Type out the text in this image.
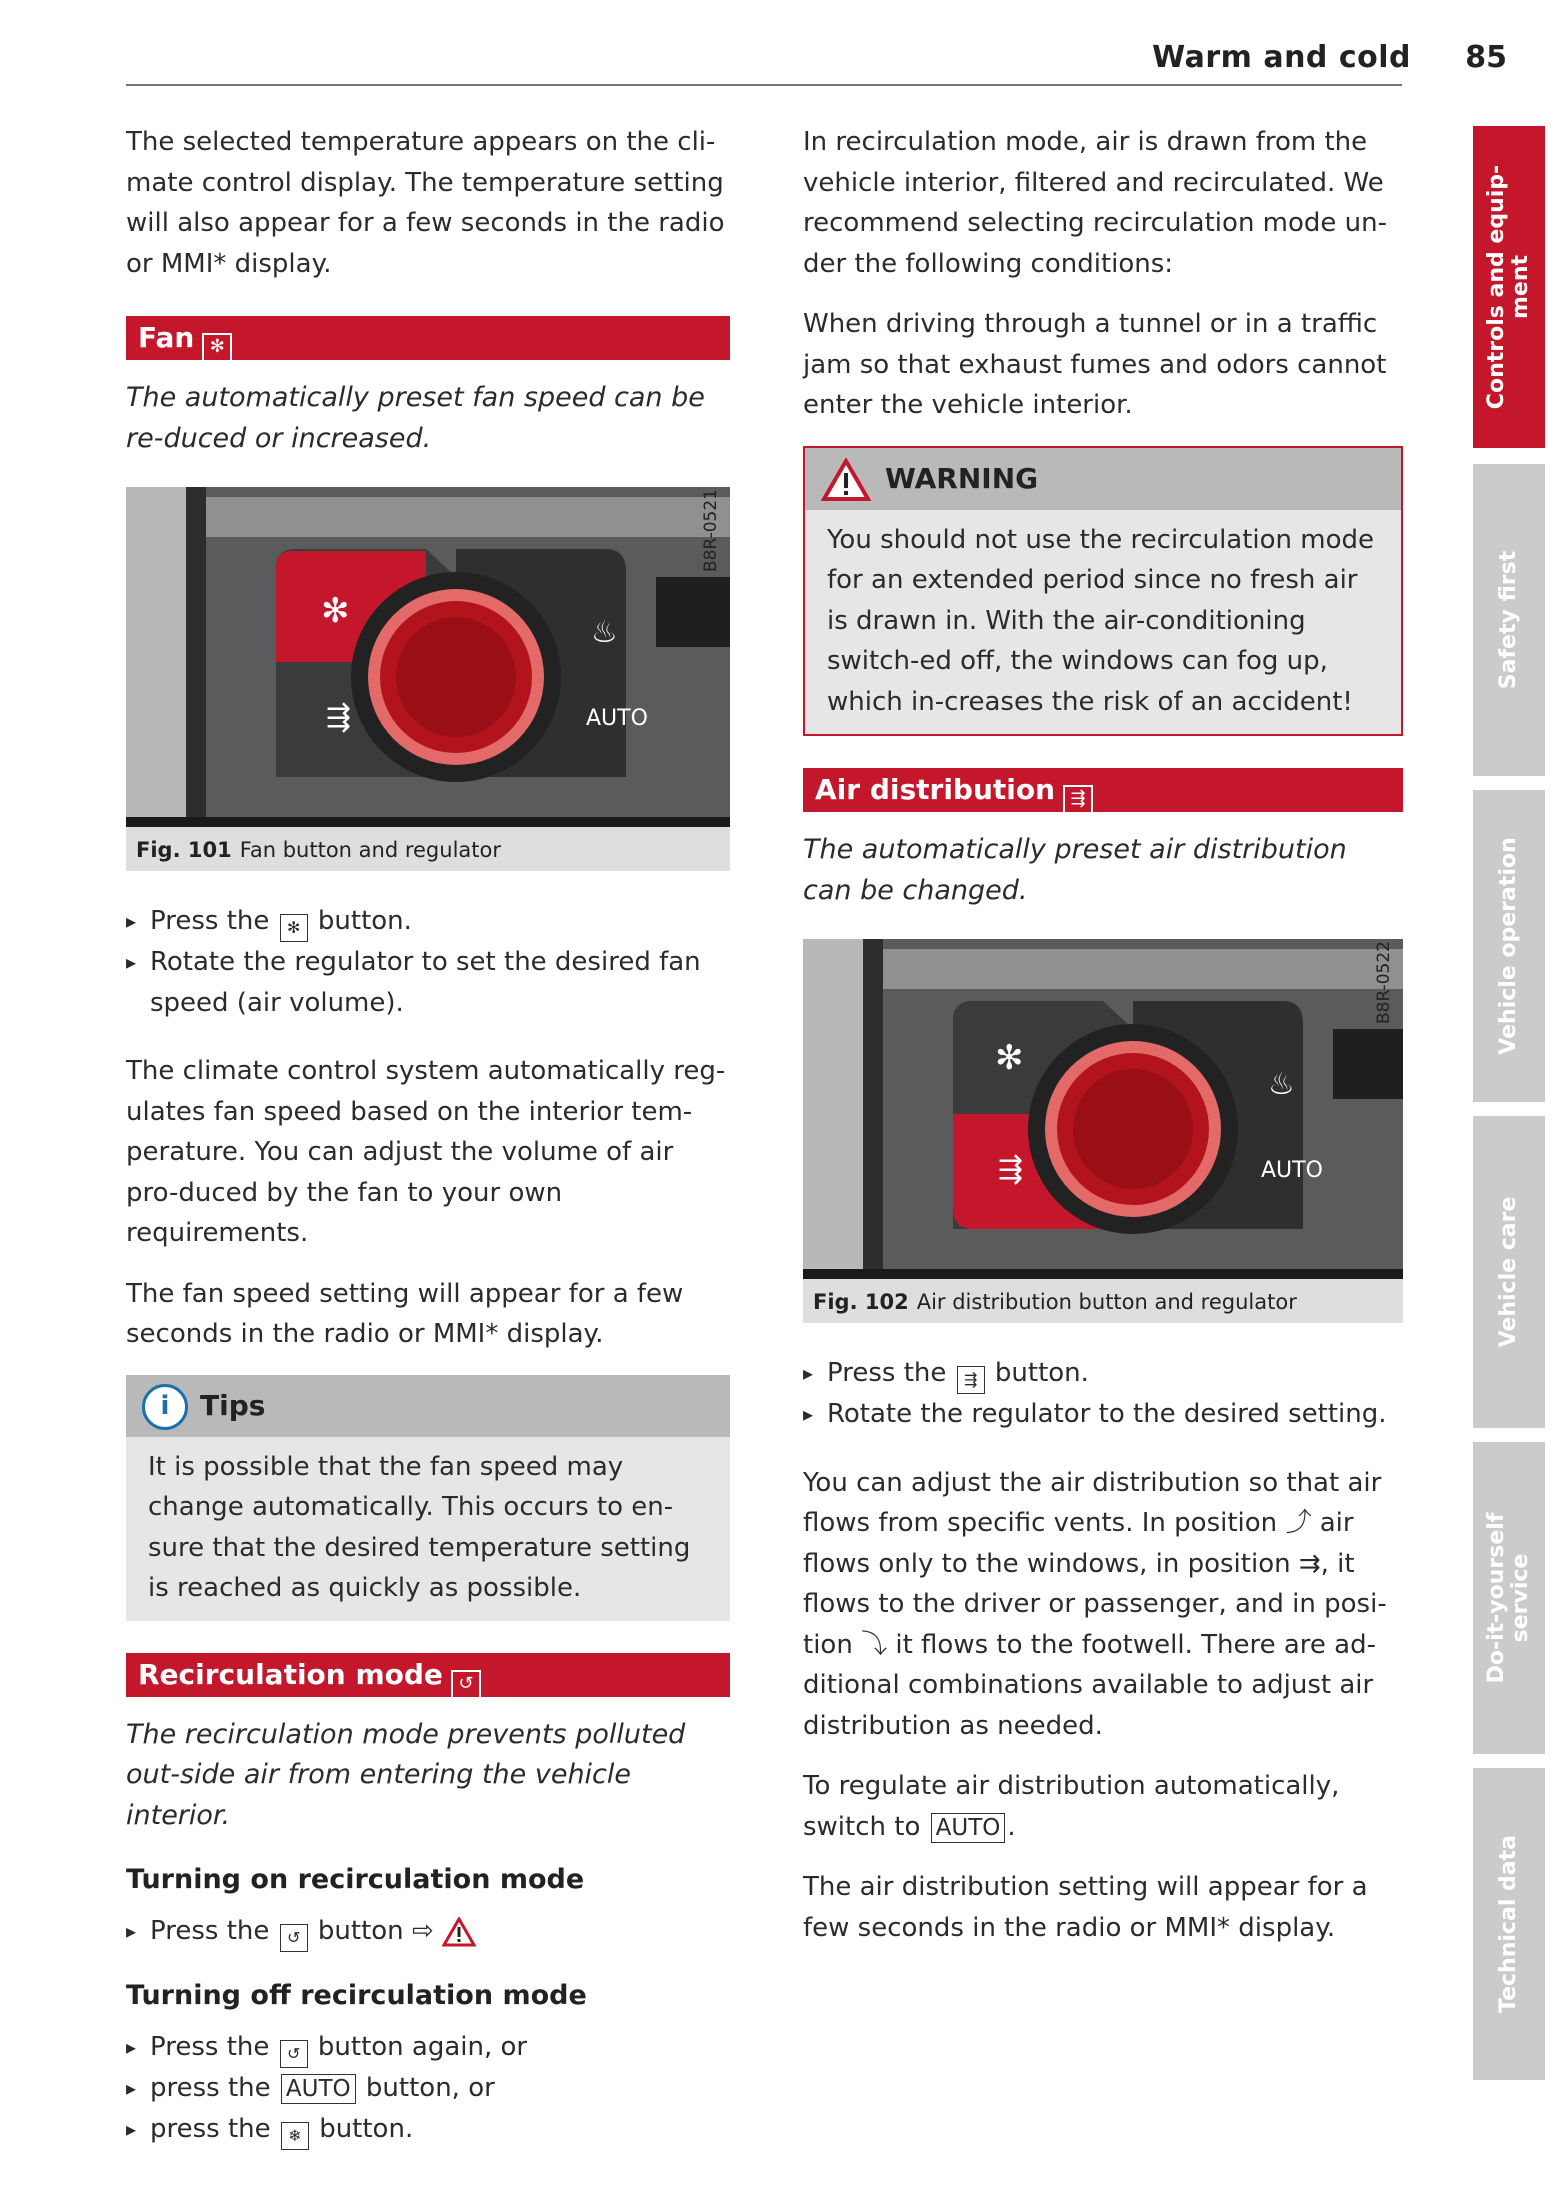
Warm and cold 85

The selected temperature appears on the cli-mate control display. The temperature setting will also appear for a few seconds in the radio or MMI* display.

Fan ✻

The automatically preset fan speed can be re-duced or increased.

✻
♨
⇶	AUTO
B8R-0521
Fig. 101 Fan button and regulator
▸ Press the ✻ button.
▸ Rotate the regulator to set the desired fan speed (air volume).

The climate control system automatically reg-ulates fan speed based on the interior tem-perature. You can adjust the volume of air pro-duced by the fan to your own requirements.

The fan speed setting will appear for a few seconds in the radio or MMI* display.

i Tips
It is possible that the fan speed may change automatically. This occurs to en-sure that the desired temperature setting is reached as quickly as possible.
Recirculation mode ↺

The recirculation mode prevents polluted out-side air from entering the vehicle interior.

Turning on recirculation mode
▸ Press the ↺ button ⇨
Turning off recirculation mode
▸ Press the ↺ button again, or
▸ press the AUTO button, or
▸ press the ❄ button.

In recirculation mode, air is drawn from the vehicle interior, filtered and recirculated. We recommend selecting recirculation mode un-der the following conditions:

When driving through a tunnel or in a traffic jam so that exhaust fumes and odors cannot enter the vehicle interior.

WARNING
You should not use the recirculation mode for an extended period since no fresh air is drawn in. With the air-conditioning switch-ed off, the windows can fog up, which in-creases the risk of an accident!
Air distribution ⇶

The automatically preset air distribution can be changed.

✻
⇶
♨
AUTO
B8R-0522
Fig. 102 Air distribution button and regulator
▸ Press the ⇶ button.
▸ Rotate the regulator to the desired setting.

You can adjust the air distribution so that air flows from specific vents. In position ⤴ air flows only to the windows, in position ⇉, it flows to the driver or passenger, and in posi-tion ⤵ it flows to the footwell. There are ad-ditional combinations available to adjust air distribution as needed.

To regulate air distribution automatically, switch to AUTO .

The air distribution setting will appear for a few seconds in the radio or MMI* display.

Controls and equip-
ment
Safety first
Vehicle operation
Vehicle care
Do-it-yourself
service
Technical data
